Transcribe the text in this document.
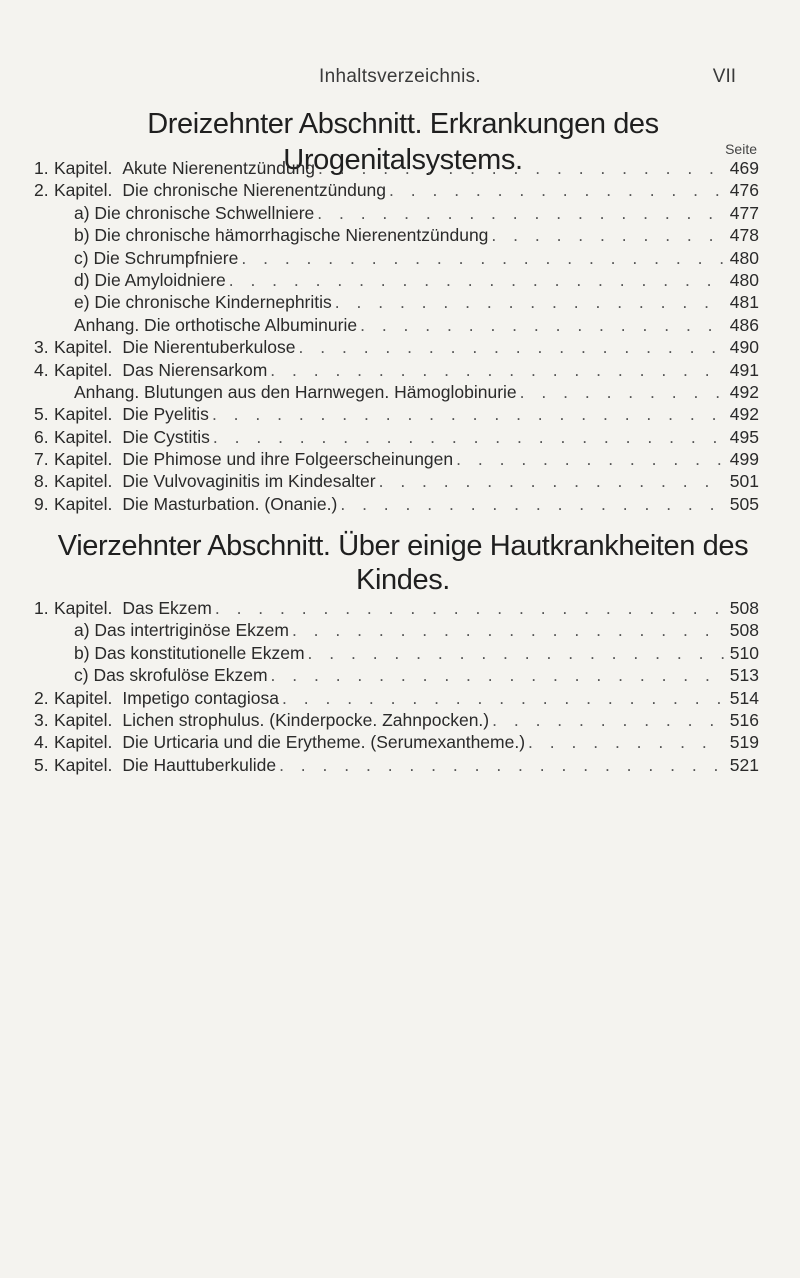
Inhaltsverzeichnis.	VII
Dreizehnter Abschnitt. Erkrankungen des Urogenitalsystems.	Seite
1. Kapitel. Akute Nierenentzündung . . .	469
2. Kapitel. Die chronische Nierenentzündung . . .	476
a) Die chronische Schwellniere . . .	477
b) Die chronische hämorrhagische Nierenentzündung . . .	478
c) Die Schrumpfniere . . .	480
d) Die Amyloidniere . . .	480
e) Die chronische Kindernephritis . . .	481
Anhang. Die orthotische Albuminurie . . .	486
3. Kapitel. Die Nierentuberkulose . . .	490
4. Kapitel. Das Nierensarkom . . .	491
Anhang. Blutungen aus den Harnwegen. Hämoglobinurie . . .	492
5. Kapitel. Die Pyelitis . . .	492
6. Kapitel. Die Cystitis . . .	495
7. Kapitel. Die Phimose und ihre Folgeerscheinungen . . .	499
8. Kapitel. Die Vulvovaginitis im Kindesalter . . .	501
9. Kapitel. Die Masturbation. (Onanie.) . . .	505
Vierzehnter Abschnitt. Über einige Hautkrankheiten des
Kindes.
1. Kapitel. Das Ekzem . . .	508
a) Das intertriginöse Ekzem . . .	508
b) Das konstitutionelle Ekzem . . .	510
c) Das skrofulöse Ekzem . . .	513
2. Kapitel. Impetigo contagiosa . . .	514
3. Kapitel. Lichen strophulus. (Kinderpocke. Zahnpocken.) . . .	516
4. Kapitel. Die Urticaria und die Erytheme. (Serumexantheme.) . . .	519
5. Kapitel. Die Hauttuberkulide . . .	521
